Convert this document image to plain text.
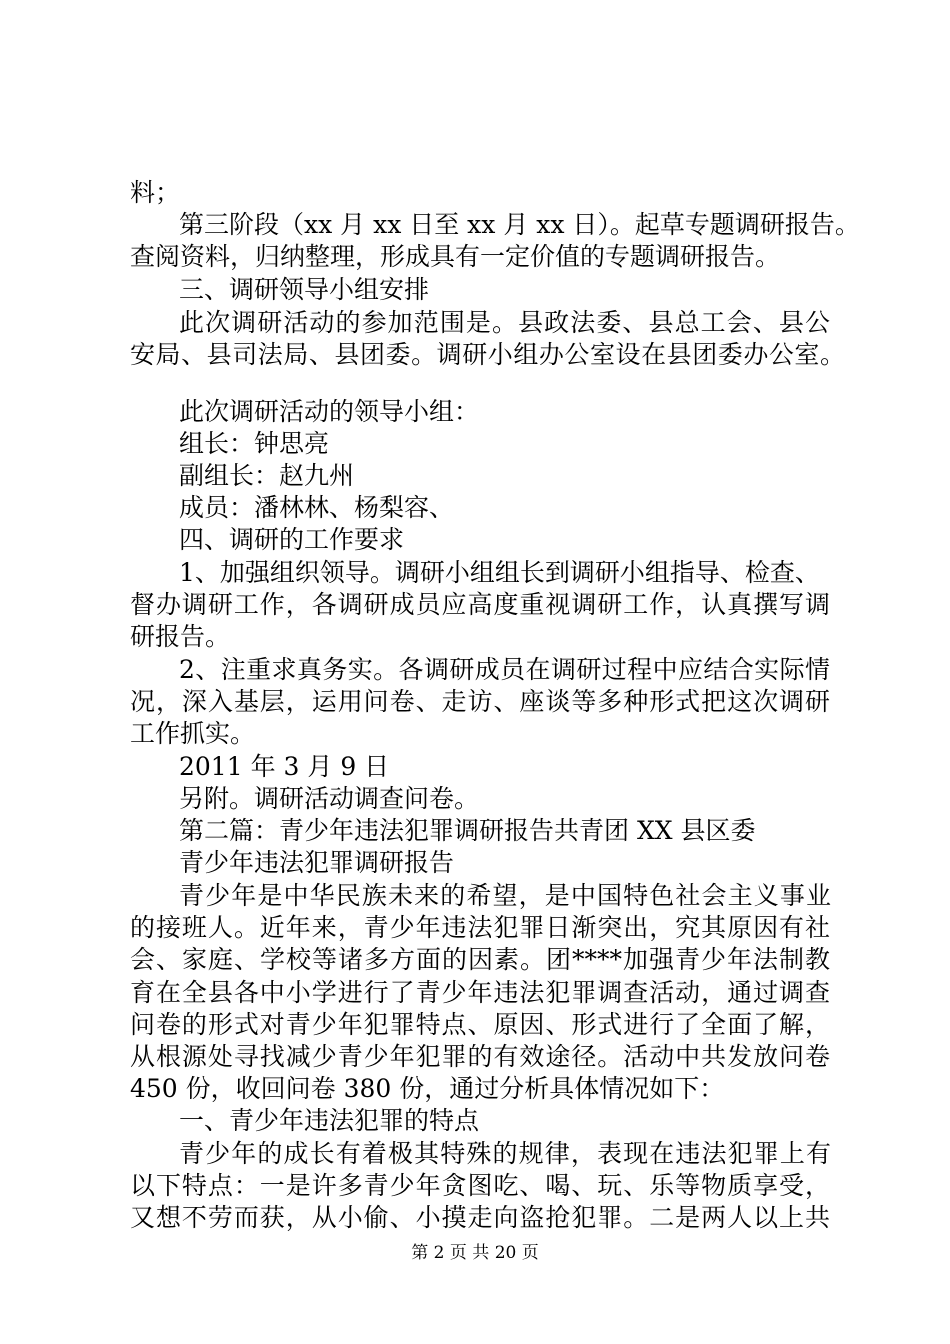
料；
第三阶段（xx 月 xx 日至 xx 月 xx 日）。起草专题调研报告。
查阅资料，归纳整理，形成具有一定价值的专题调研报告。
三、调研领导小组安排
此次调研活动的参加范围是。县政法委、县总工会、县公
安局、县司法局、县团委。调研小组办公室设在县团委办公室。
此次调研活动的领导小组：
组长：钟思亮
副组长：赵九州
成员：潘林林、杨梨容、
四、调研的工作要求
1、加强组织领导。调研小组组长到调研小组指导、检查、
督办调研工作，各调研成员应高度重视调研工作，认真撰写调
研报告。
2、注重求真务实。各调研成员在调研过程中应结合实际情
况，深入基层，运用问卷、走访、座谈等多种形式把这次调研
工作抓实。
2011 年 3 月 9 日
另附。调研活动调查问卷。
第二篇：青少年违法犯罪调研报告共青团 XX 县区委
青少年违法犯罪调研报告
青少年是中华民族未来的希望，是中国特色社会主义事业
的接班人。近年来，青少年违法犯罪日渐突出，究其原因有社
会、家庭、学校等诸多方面的因素。团****加强青少年法制教
育在全县各中小学进行了青少年违法犯罪调查活动，通过调查
问卷的形式对青少年犯罪特点、原因、形式进行了全面了解，
从根源处寻找减少青少年犯罪的有效途径。活动中共发放问卷
450 份，收回问卷 380 份，通过分析具体情况如下：
一、青少年违法犯罪的特点
青少年的成长有着极其特殊的规律，表现在违法犯罪上有
以下特点：一是许多青少年贪图吃、喝、玩、乐等物质享受，
又想不劳而获，从小偷、小摸走向盗抢犯罪。二是两人以上共
第 2 页 共 20 页
